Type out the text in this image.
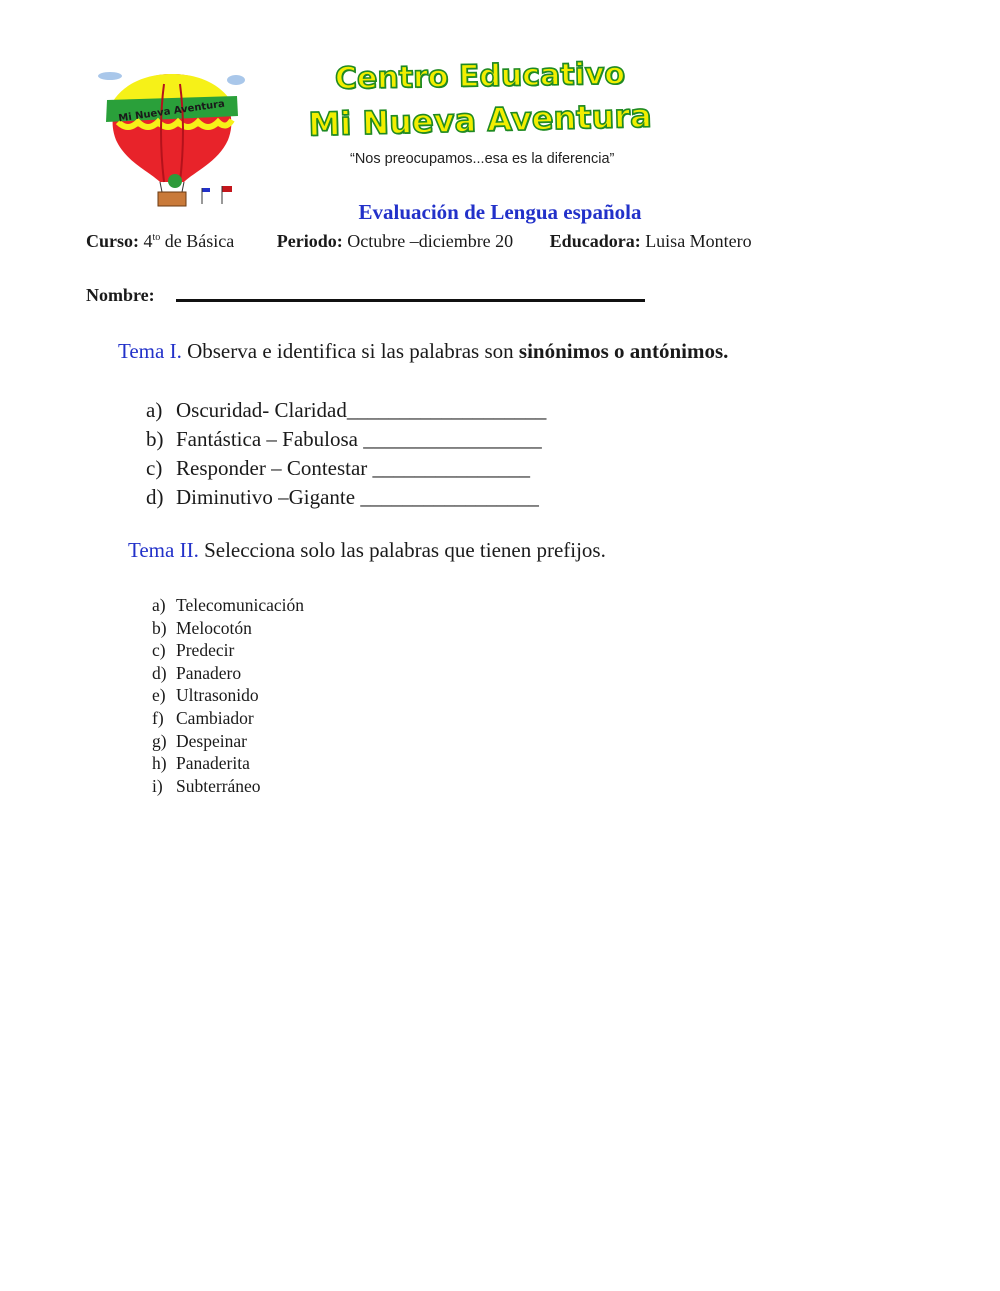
Mi Nueva Aventura
Centro Educativo
Mi Nueva Aventura
“Nos preocupamos...esa es la diferencia”
Evaluación de Lengua española
Curso: $4^{to}$ de Básica Periodo: Octubre –diciembre 20 Educadora: Luisa Montero
Nombre:
Tema I. Observa e identifica si las palabras son sinónimos o antónimos.
a) Oscuridad- Claridad___________________
b) Fantástica – Fabulosa _________________
c) Responder – Contestar _______________
d) Diminutivo –Gigante _________________
Tema II. Selecciona solo las palabras que tienen prefijos.
a) Telecomunicación
b) Melocotón
c) Predecir
d) Panadero
e) Ultrasonido
f) Cambiador
g) Despeinar
h) Panaderita
i) Subterráneo
